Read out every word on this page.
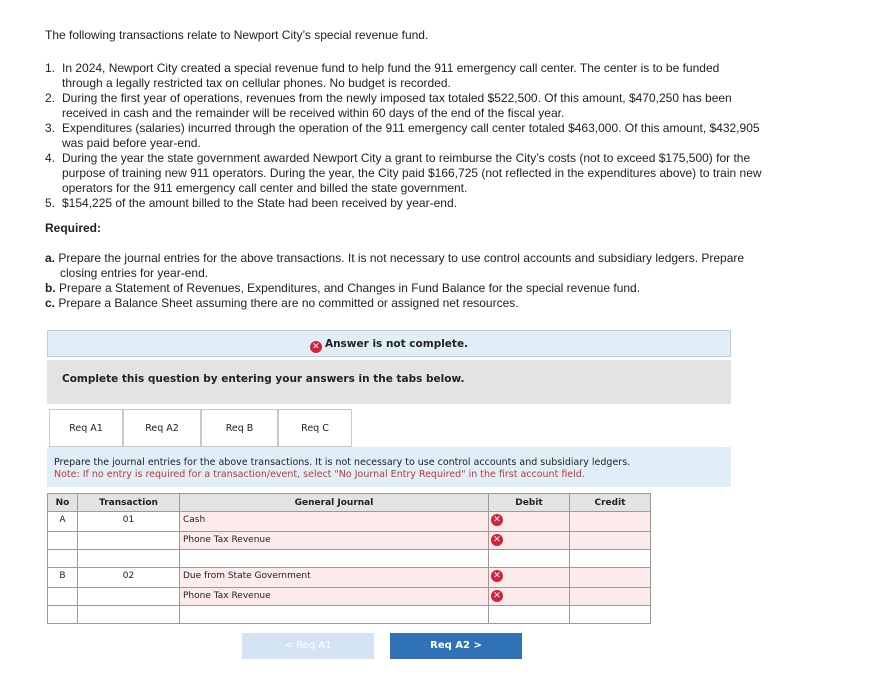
The following transactions relate to Newport City’s special revenue fund.
1. In 2024, Newport City created a special revenue fund to help fund the 911 emergency call center. The center is to be funded
through a legally restricted tax on cellular phones. No budget is recorded.
2. During the first year of operations, revenues from the newly imposed tax totaled $522,500. Of this amount, $470,250 has been
received in cash and the remainder will be received within 60 days of the end of the fiscal year.
3. Expenditures (salaries) incurred through the operation of the 911 emergency call center totaled $463,000. Of this amount, $432,905
was paid before year-end.
4. During the year the state government awarded Newport City a grant to reimburse the City’s costs (not to exceed $175,500) for the
purpose of training new 911 operators. During the year, the City paid $166,725 (not reflected in the expenditures above) to train new
operators for the 911 emergency call center and billed the state government.
5. $154,225 of the amount billed to the State had been received by year-end.
Required:
a. Prepare the journal entries for the above transactions. It is not necessary to use control accounts and subsidiary ledgers. Prepare
closing entries for year-end.
b. Prepare a Statement of Revenues, Expenditures, and Changes in Fund Balance for the special revenue fund.
c. Prepare a Balance Sheet assuming there are no committed or assigned net resources.
✕ Answer is not complete.
Complete this question by entering your answers in the tabs below.
Req A1	Req A2	Req B	Req C
Prepare the journal entries for the above transactions. It is not necessary to use control accounts and subsidiary ledgers.
Note: If no entry is required for a transaction/event, select "No Journal Entry Required" in the first account field.
No	Transaction	General Journal	Debit	Credit
A	01	Cash ✕		

		Phone Tax Revenue ✕		

B	02	Due from State Government ✕		

		Phone Tax Revenue ✕		

< Req A1	Req A2 >
